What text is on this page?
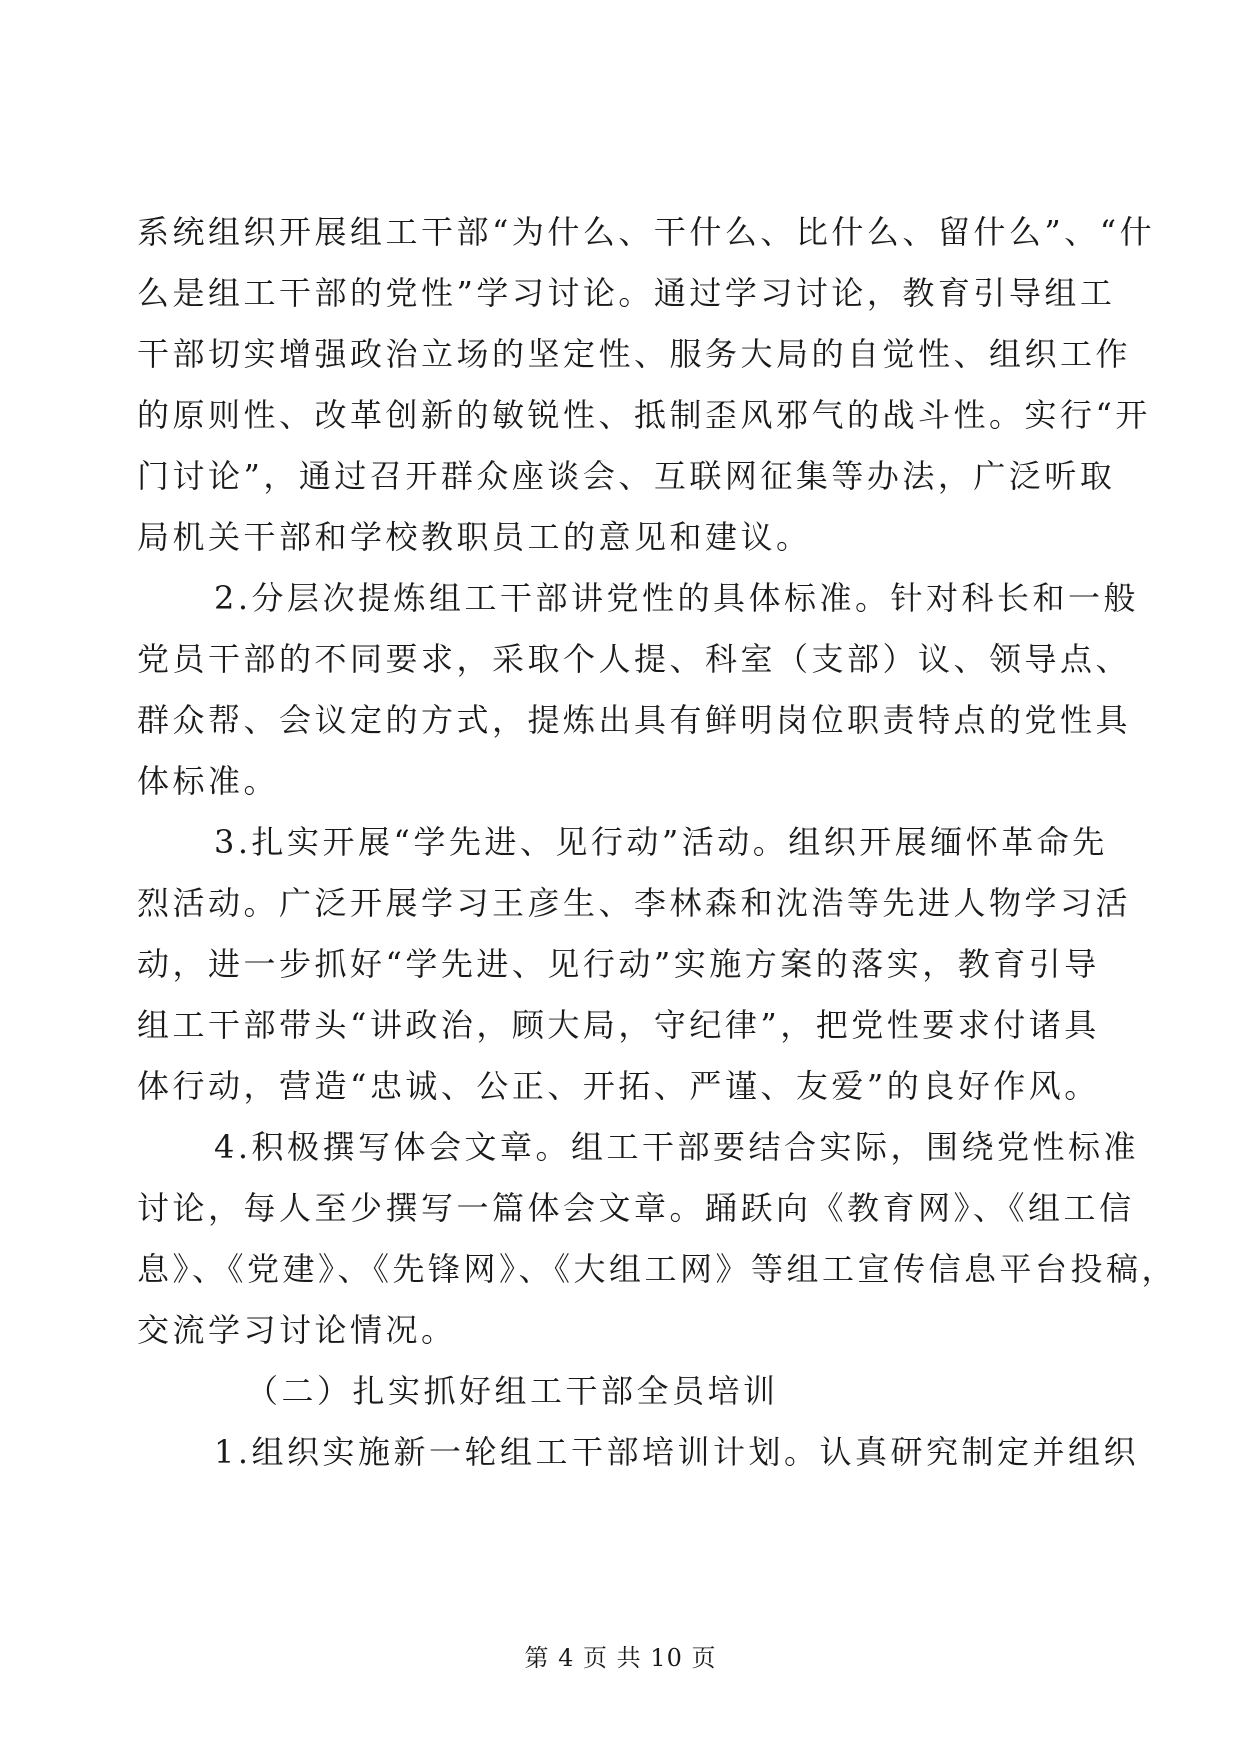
系统组织开展组工干部“为什么、干什么、比什么、留什么”、“什
么是组工干部的党性”学习讨论。通过学习讨论，教育引导组工
干部切实增强政治立场的坚定性、服务大局的自觉性、组织工作
的原则性、改革创新的敏锐性、抵制歪风邪气的战斗性。实行“开
门讨论”，通过召开群众座谈会、互联网征集等办法，广泛听取
局机关干部和学校教职员工的意见和建议。
2.分层次提炼组工干部讲党性的具体标准。针对科长和一般
党员干部的不同要求，采取个人提、科室（支部）议、领导点、
群众帮、会议定的方式，提炼出具有鲜明岗位职责特点的党性具
体标准。
3.扎实开展“学先进、见行动”活动。组织开展缅怀革命先
烈活动。广泛开展学习王彦生、李林森和沈浩等先进人物学习活
动，进一步抓好“学先进、见行动”实施方案的落实，教育引导
组工干部带头“讲政治，顾大局，守纪律”，把党性要求付诸具
体行动，营造“忠诚、公正、开拓、严谨、友爱”的良好作风。
4.积极撰写体会文章。组工干部要结合实际，围绕党性标准
讨论，每人至少撰写一篇体会文章。踊跃向《教育网》、《组工信
息》、《党建》、《先锋网》、《大组工网》等组工宣传信息平台投稿，
交流学习讨论情况。
（二）扎实抓好组工干部全员培训
1.组织实施新一轮组工干部培训计划。认真研究制定并组织
第 4 页 共 10 页
